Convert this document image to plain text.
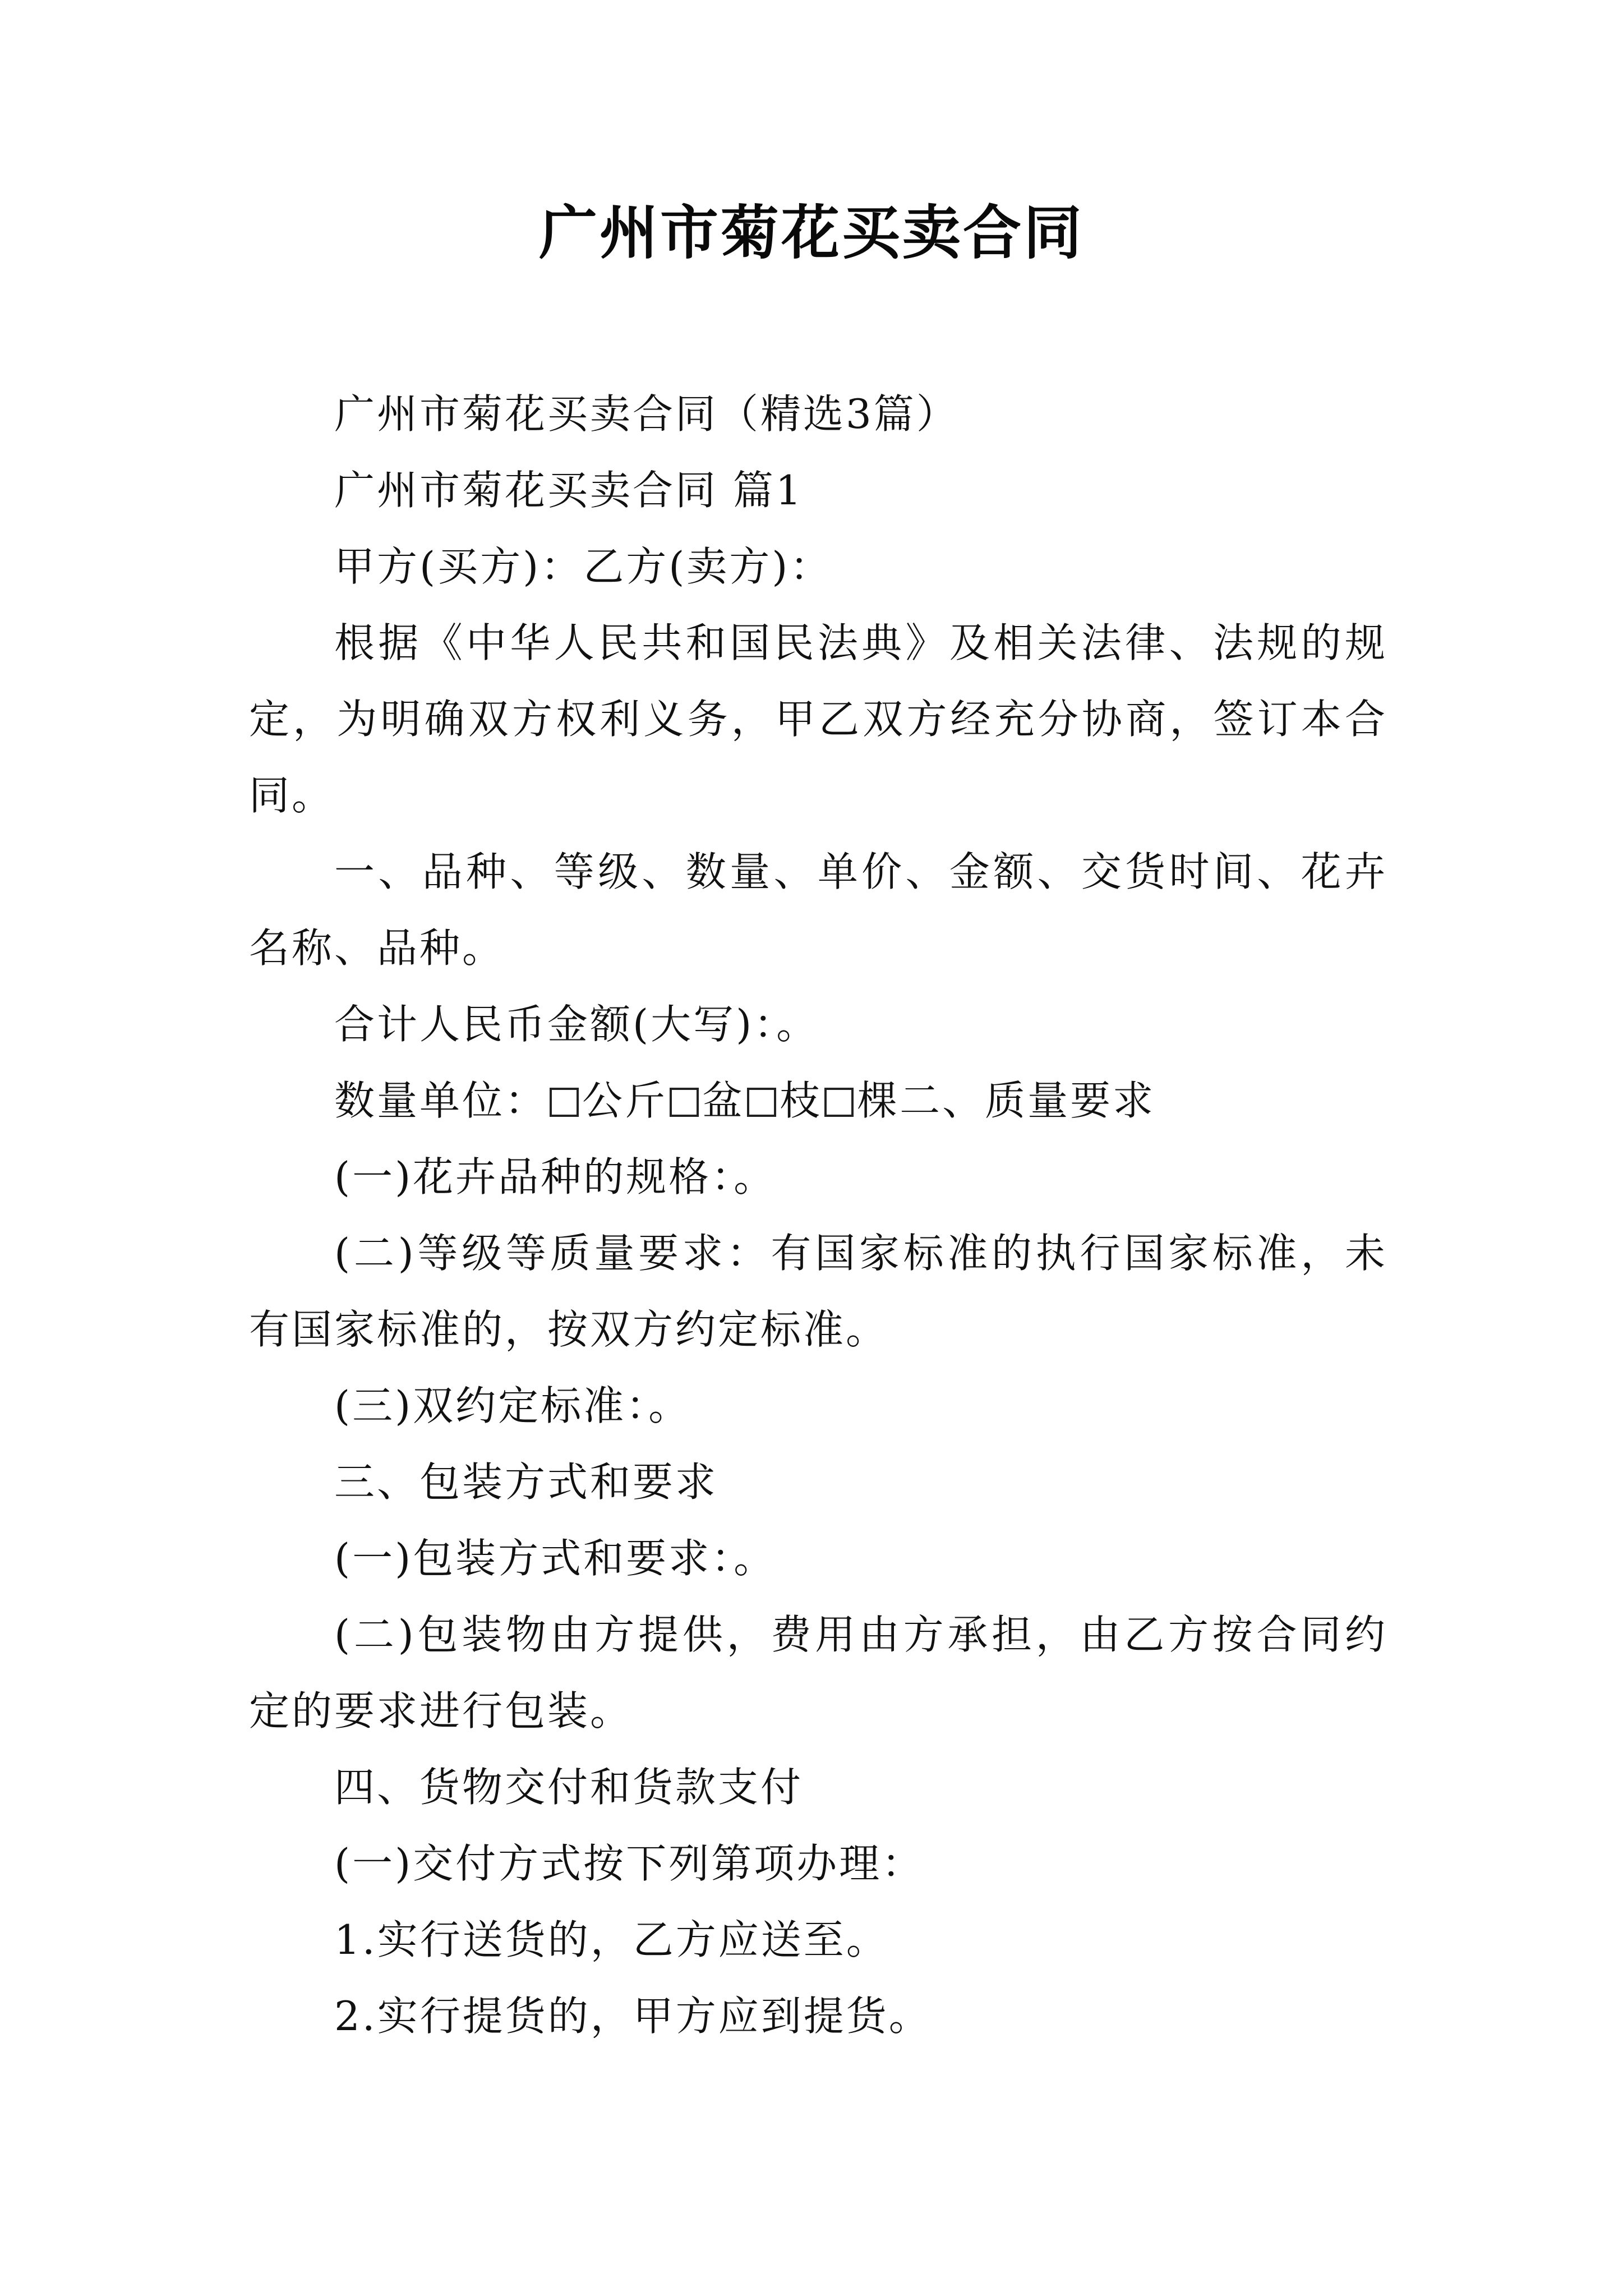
广州市菊花买卖合同

广州市菊花买卖合同（精选3篇）

广州市菊花买卖合同 篇1

甲方(买方)：乙方(卖方)：

根据《中华人民共和国民法典》及相关法律、法规的规定，为明确双方权利义务，甲乙双方经充分协商，签订本合同。

一、品种、等级、数量、单价、金额、交货时间、花卉名称、品种。

合计人民币金额(大写)：。

数量单位： 公斤 盆 枝 棵二、质量要求

(一)花卉品种的规格：。

(二)等级等质量要求：有国家标准的执行国家标准，未有国家标准的，按双方约定标准。

(三)双约定标准：。

三、包装方式和要求

(一)包装方式和要求：。

(二)包装物由方提供，费用由方承担，由乙方按合同约定的要求进行包装。

四、货物交付和货款支付

(一)交付方式按下列第项办理：

1.实行送货的，乙方应送至。

2.实行提货的，甲方应到提货。
